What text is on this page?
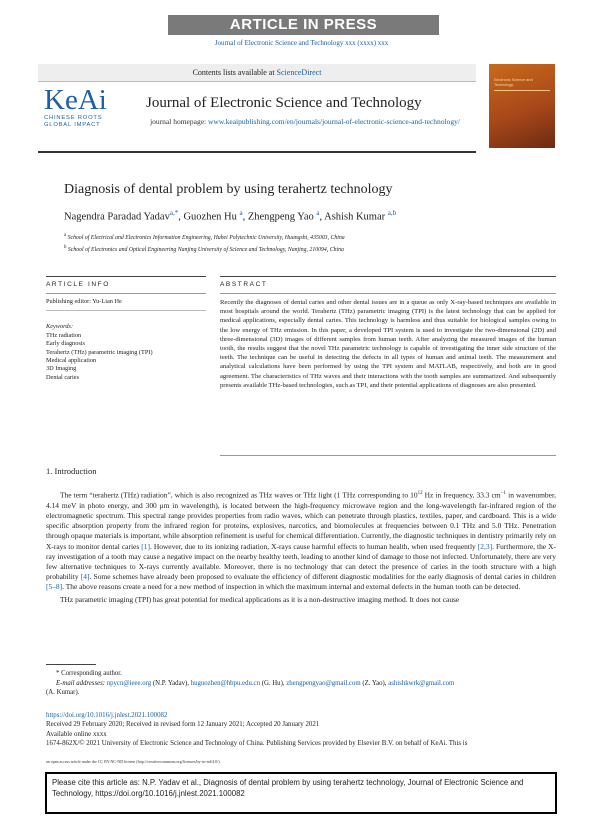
ARTICLE IN PRESS
Journal of Electronic Science and Technology xxx (xxxx) xxx
Contents lists available at ScienceDirect
KeAi
CHINESE ROOTS
GLOBAL IMPACT
Journal of Electronic Science and Technology
journal homepage: www.keaipublishing.com/en/journals/journal-of-electronic-science-and-technology/
Electronic Science and Technology
Diagnosis of dental problem by using terahertz technology
Nagendra Paradad Yadav$^{a,*}$, Guozhen Hu $^a$, Zhengpeng Yao $^a$, Ashish Kumar $^{a,b}$
$^a$ School of Electrical and Electronics Information Engineering, Hubei Polytechnic University, Huangshi, 435003, China
$^b$ School of Electronics and Optical Engineering Nanjing University of Science and Technology, Nanjing, 210094, China
ARTICLE INFO	ABSTRACT
Publishing editor: Yu-Lian He
Keywords:
THz radiation
Early diagnosis
Terahertz (THz) parametric imaging (TPI)
Medical application
3D Imaging
Dental caries
Recently the diagnoses of dental caries and other dental issues are in a queue as only X-ray-based techniques are available in most hospitals around the world. Terahertz (THz) parametric imaging (TPI) is the latest technology that can be applied for medical applications, especially dental caries. This technology is harmless and thus suitable for biological samples owing to the low energy of THz emission. In this paper, a developed TPI system is used to investigate the two-dimensional (2D) and three-dimensional (3D) images of different samples from human teeth. After analyzing the measured images of the human tooth, the results suggest that the novel THz parametric technology is capable of investigating the inner side structure of the teeth. The technique can be useful in detecting the defects in all types of human and animal teeth. The measurement and analytical calculations have been performed by using the TPI system and MATLAB, respectively, and both are in good agreement. The characteristics of THz waves and their interactions with the tooth samples are summarized. And subsequently presents available THz-based technologies, such as TPI, and their potential applications of diagnoses are also presented.
1. Introduction

The term “terahertz (THz) radiation”, which is also recognized as THz waves or THz light (1 THz corresponding to $10^{12}$ Hz in frequency, 33.3 $cm^{-1}$ in wavenumber, 4.14 meV in photo energy, and 300 μm in wavelength), is located between the high-frequency microwave region and the long-wavelength far-infrared region of the electromagnetic spectrum. This spectral range provides properties from radio waves, which can penetrate through plastics, textiles, paper, and cardboard. This is a wide specific absorption property from the infrared region for proteins, explosives, narcotics, and biomolecules at frequencies between 0.1 THz and 5.0 THz. Penetration through opaque materials is important, while absorption refinement is useful for chemical differentiation. Currently, the diagnostic techniques in dentistry primarily rely on X-rays to monitor dental caries [1]. However, due to its ionizing radiation, X-rays cause harmful effects to human health, when used frequently [2,3]. Furthermore, the X-ray investigation of a tooth may cause a negative impact on the nearby healthy teeth, leading to another kind of damage to those not infected. Unfortunately, there are very few alternative techniques to X-rays currently available. Moreover, there is no technology that can detect the presence of caries in the tooth structure with a high probability [4]. Some schemes have already been proposed to evaluate the efficiency of different diagnostic modalities for the early diagnosis of dental caries in children [5–8]. The above reasons create a need for a new method of inspection in which the maximum internal and external defects in the human tooth can be detected.

THz parametric imaging (TPI) has great potential for medical applications as it is a non-destructive imaging method. It does not cause

* Corresponding author.
E-mail addresses: npycn@ieee.org (N.P. Yadav), huguozhen@hbpu.edu.cn (G. Hu), zhengpengyao@gmail.com (Z. Yao), ashishkwrk@gmail.com
(A. Kumar).
https://doi.org/10.1016/j.jnlest.2021.100082
Received 29 February 2020; Received in revised form 12 January 2021; Accepted 20 January 2021
Available online xxxx
1674-862X/© 2021 University of Electronic Science and Technology of China. Publishing Services provided by Elsevier B.V. on behalf of KeAi. This is
an open access article under the CC BY-NC-ND license (http://creativecommons.org/licenses/by-nc-nd/4.0/).
Please cite this article as: N.P. Yadav et al., Diagnosis of dental problem by using terahertz technology, Journal of Electronic Science and Technology, https://doi.org/10.1016/j.jnlest.2021.100082
